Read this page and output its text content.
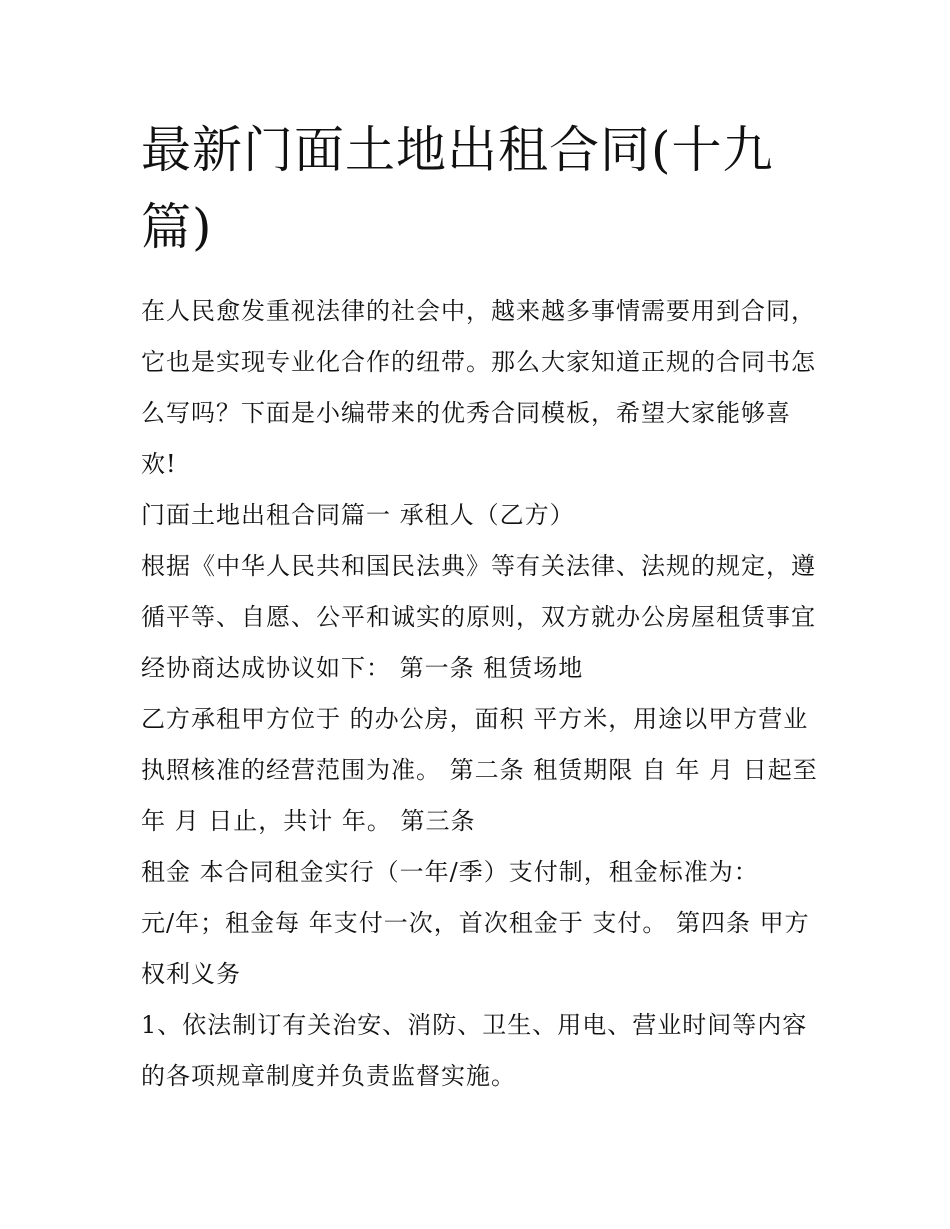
最新门面土地出租合同(十九篇)

在人民愈发重视法律的社会中，越来越多事情需要用到合同，它也是实现专业化合作的纽带。那么大家知道正规的合同书怎么写吗？下面是小编带来的优秀合同模板，希望大家能够喜欢!

门面土地出租合同篇一 承租人（乙方）

根据《中华人民共和国民法典》等有关法律、法规的规定，遵循平等、自愿、公平和诚实的原则，双方就办公房屋租赁事宜经协商达成协议如下： 第一条 租赁场地

乙方承租甲方位于 的办公房，面积 平方米，用途以甲方营业执照核准的经营范围为准。 第二条 租赁期限 自 年 月 日起至 年 月 日止，共计 年。 第三条

租金 本合同租金实行（一年/季）支付制，租金标准为：

元/年；租金每 年支付一次，首次租金于 支付。 第四条 甲方权利义务

1、依法制订有关治安、消防、卫生、用电、营业时间等内容的各项规章制度并负责监督实施。
